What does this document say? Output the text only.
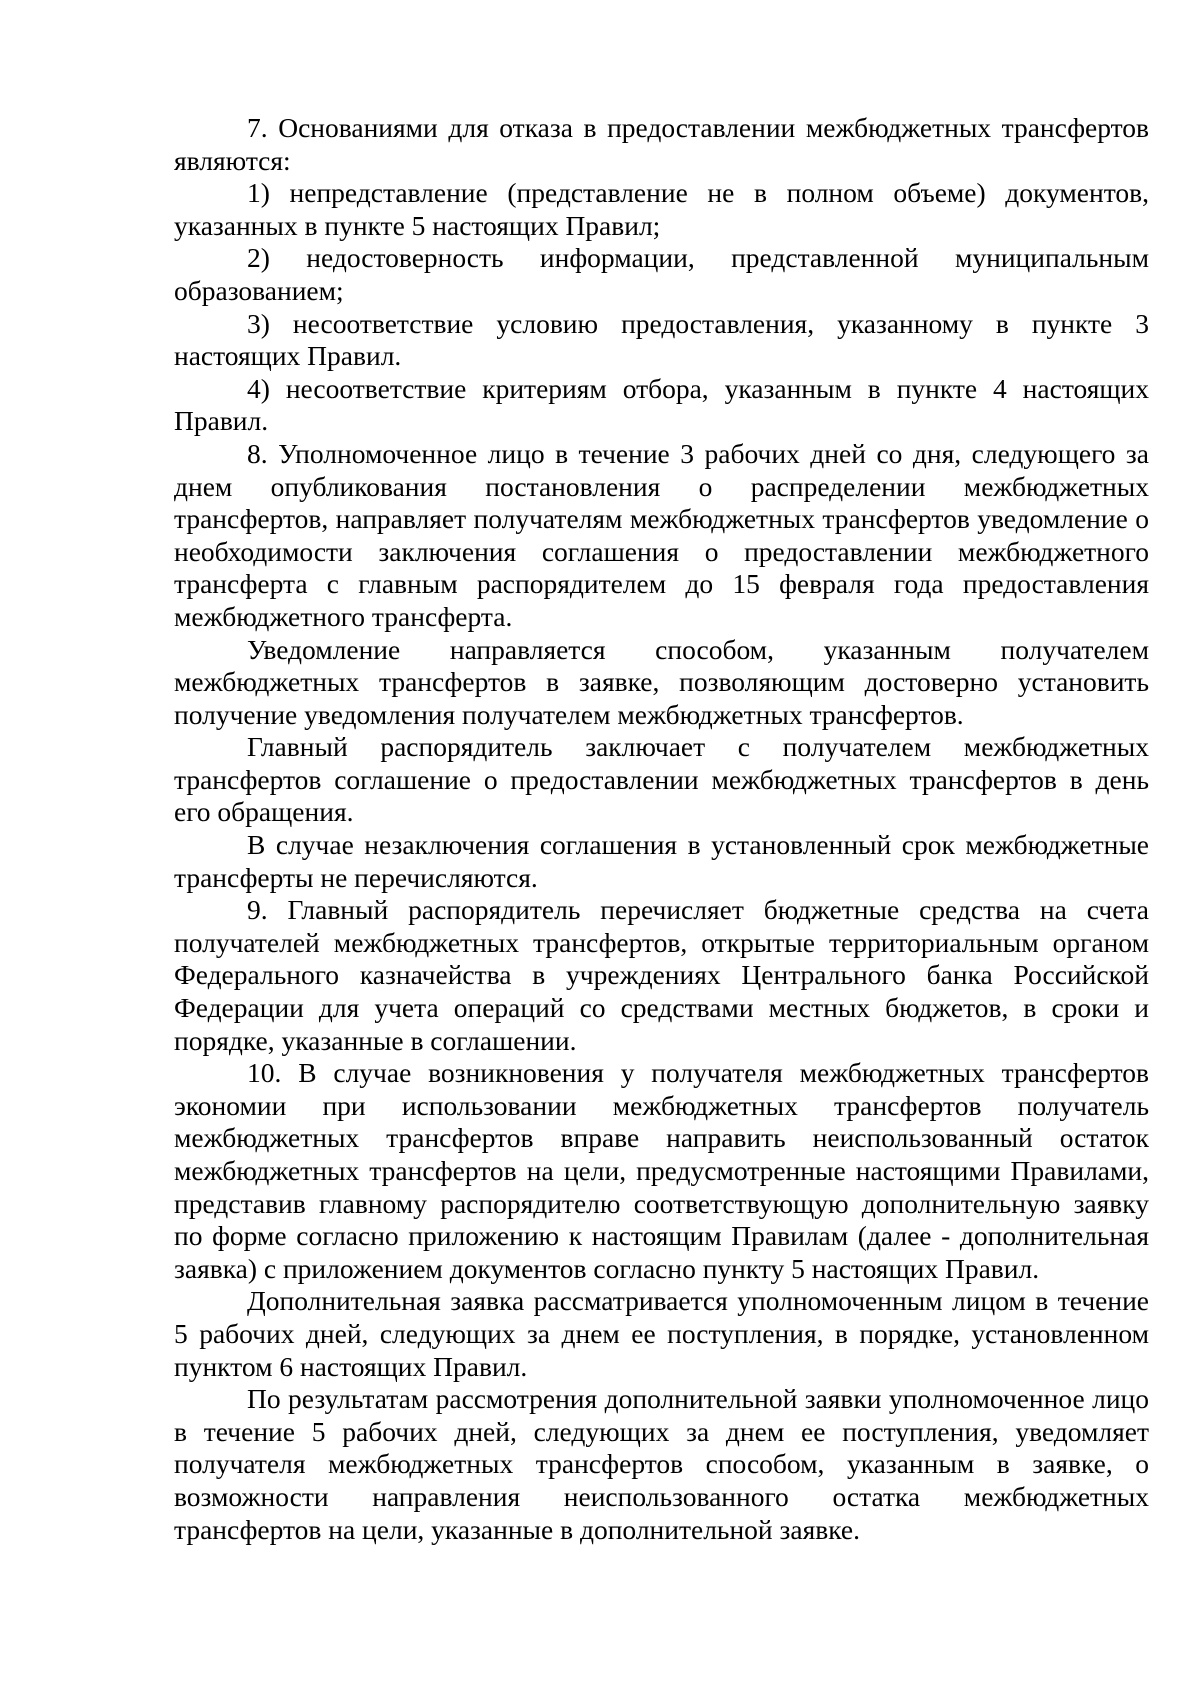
7. Основаниями для отказа в предоставлении межбюджетных трансфертов являются:

1) непредставление (представление не в полном объеме) документов, указанных в пункте 5 настоящих Правил;

2) недостоверность информации, представленной муниципальным образованием;

3) несоответствие условию предоставления, указанному в пункте 3 настоящих Правил.

4) несоответствие критериям отбора, указанным в пункте 4 настоящих Правил.

8. Уполномоченное лицо в течение 3 рабочих дней со дня, следующего за днем опубликования постановления о распределении межбюджетных трансфертов, направляет получателям межбюджетных трансфертов уведомление о необходимости заключения соглашения о предоставлении межбюджетного трансферта с главным распорядителем до 15 февраля года предоставления межбюджетного трансферта.

Уведомление направляется способом, указанным получателем межбюджетных трансфертов в заявке, позволяющим достоверно установить получение уведомления получателем межбюджетных трансфертов.

Главный распорядитель заключает с получателем межбюджетных трансфертов соглашение о предоставлении межбюджетных трансфертов в день его обращения.

В случае незаключения соглашения в установленный срок межбюджетные трансферты не перечисляются.

9. Главный распорядитель перечисляет бюджетные средства на счета получателей межбюджетных трансфертов, открытые территориальным органом Федерального казначейства в учреждениях Центрального банка Российской Федерации для учета операций со средствами местных бюджетов, в сроки и порядке, указанные в соглашении.

10. В случае возникновения у получателя межбюджетных трансфертов экономии при использовании межбюджетных трансфертов получатель межбюджетных трансфертов вправе направить неиспользованный остаток межбюджетных трансфертов на цели, предусмотренные настоящими Правилами, представив главному распорядителю соответствующую дополнительную заявку по форме согласно приложению к настоящим Правилам (далее - дополнительная заявка) с приложением документов согласно пункту 5 настоящих Правил.

Дополнительная заявка рассматривается уполномоченным лицом в течение 5 рабочих дней, следующих за днем ее поступления, в порядке, установленном пунктом 6 настоящих Правил.

По результатам рассмотрения дополнительной заявки уполномоченное лицо в течение 5 рабочих дней, следующих за днем ее поступления, уведомляет получателя межбюджетных трансфертов способом, указанным в заявке, о возможности направления неиспользованного остатка межбюджетных трансфертов на цели, указанные в дополнительной заявке.
